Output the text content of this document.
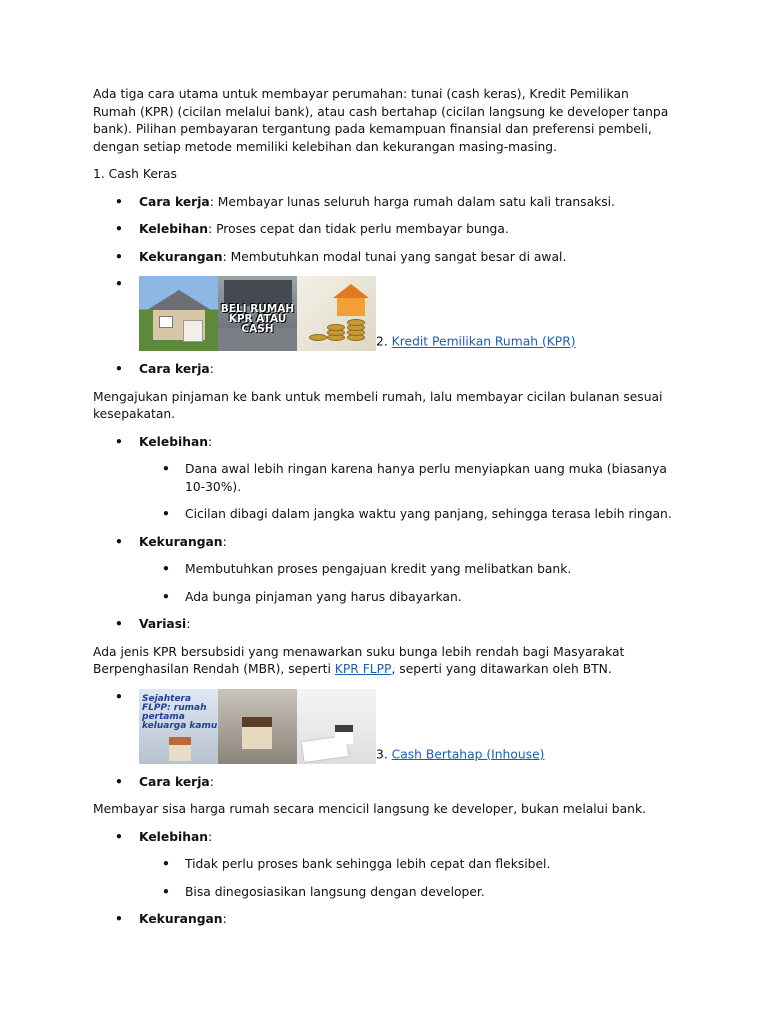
Ada tiga cara utama untuk membayar perumahan: tunai (cash keras), Kredit Pemilikan Rumah (KPR) (cicilan melalui bank), atau cash bertahap (cicilan langsung ke developer tanpa bank). Pilihan pembayaran tergantung pada kemampuan finansial dan preferensi pembeli, dengan setiap metode memiliki kelebihan dan kekurangan masing-masing.

1. Cash Keras

• Cara kerja: Membayar lunas seluruh harga rumah dalam satu kali transaksi.
• Kelebihan: Proses cepat dan tidak perlu membayar bunga.
• Kekurangan: Membutuhkan modal tunai yang sangat besar di awal.
• BELI RUMAH KPR ATAU CASH
2. Kredit Pemilikan Rumah (KPR)
• Cara kerja:

Mengajukan pinjaman ke bank untuk membeli rumah, lalu membayar cicilan bulanan sesuai kesepakatan.

• Kelebihan:
• Dana awal lebih ringan karena hanya perlu menyiapkan uang muka (biasanya 10-30%).
• Cicilan dibagi dalam jangka waktu yang panjang, sehingga terasa lebih ringan.
• Kekurangan:
• Membutuhkan proses pengajuan kredit yang melibatkan bank.
• Ada bunga pinjaman yang harus dibayarkan.
• Variasi:

Ada jenis KPR bersubsidi yang menawarkan suku bunga lebih rendah bagi Masyarakat Berpenghasilan Rendah (MBR), seperti KPR FLPP, seperti yang ditawarkan oleh BTN.

• Sejahtera FLPP: rumah pertama keluarga kamu
3. Cash Bertahap (Inhouse)
• Cara kerja:

Membayar sisa harga rumah secara mencicil langsung ke developer, bukan melalui bank.

• Kelebihan:
• Tidak perlu proses bank sehingga lebih cepat dan fleksibel.
• Bisa dinegosiasikan langsung dengan developer.
• Kekurangan:
